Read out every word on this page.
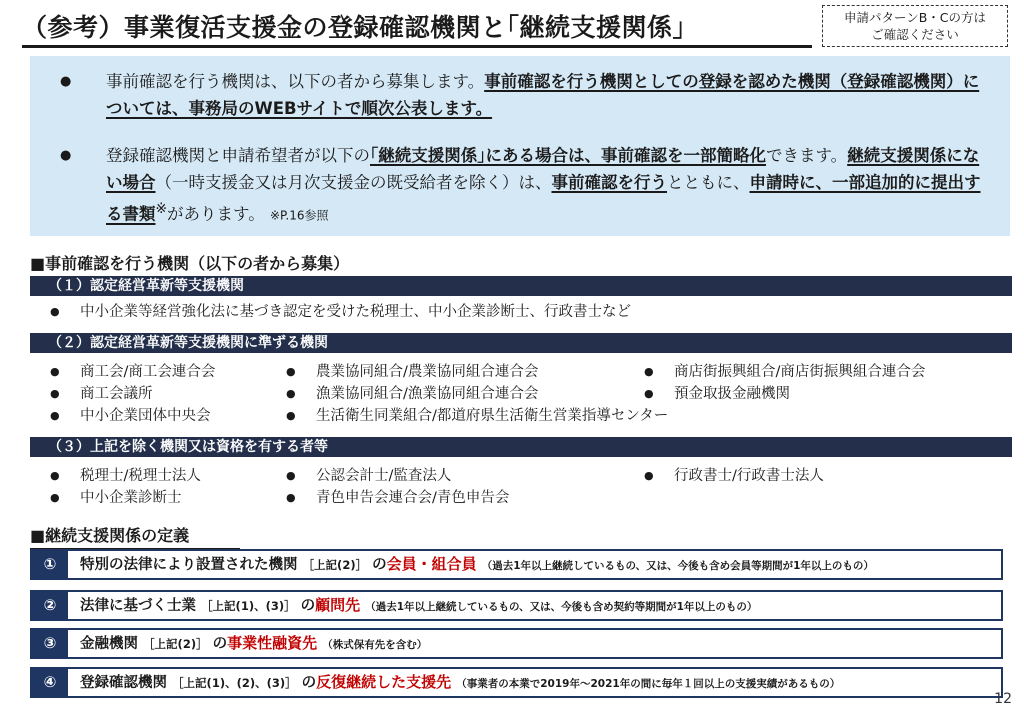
（参考）事業復活支援金の登録確認機関と｢継続支援関係｣	申請パターンB・Cの方は
ご確認ください
●	事前確認を行う機関は、以下の者から募集します。事前確認を行う機関としての登録を認めた機関（登録確認機関）については、事務局のWEBサイトで順次公表します。
●	登録確認機関と申請希望者が以下の｢継続支援関係｣にある場合は、事前確認を一部簡略化できます。継続支援関係にない場合（一時支援金又は月次支援金の既受給者を除く）は、事前確認を行うとともに、申請時に、一部追加的に提出する書類※があります。 ※P.16参照
■事前確認を行う機関（以下の者から募集）
（１）認定経営革新等支援機関
● 中小企業等経営強化法に基づき認定を受けた税理士、中小企業診断士、行政書士など
（２）認定経営革新等支援機関に準ずる機関
● 商工会/商工会連合会	● 農業協同組合/農業協同組合連合会	● 商店街振興組合/商店街振興組合連合会
● 商工会議所	● 漁業協同組合/漁業協同組合連合会	● 預金取扱金融機関
● 中小企業団体中央会	● 生活衛生同業組合/都道府県生活衛生営業指導センター
（３）上記を除く機関又は資格を有する者等
● 税理士/税理士法人	● 公認会計士/監査法人	● 行政書士/行政書士法人
● 中小企業診断士	● 青色申告会連合会/青色申告会
■継続支援関係の定義
①	特別の法律により設置された機関 ［上記(2)］ の会員・組合員 （過去1年以上継続しているもの、又は、今後も含め会員等期間が1年以上のもの）
②	法律に基づく士業 ［上記(1)、(3)］ の顧問先 （過去1年以上継続しているもの、又は、今後も含め契約等期間が1年以上のもの）
③	金融機関 ［上記(2)］ の事業性融資先 （株式保有先を含む）
④	登録確認機関 ［上記(1)、(2)、(3)］ の反復継続した支援先 （事業者の本業で2019年～2021年の間に毎年１回以上の支援実績があるもの）
12
